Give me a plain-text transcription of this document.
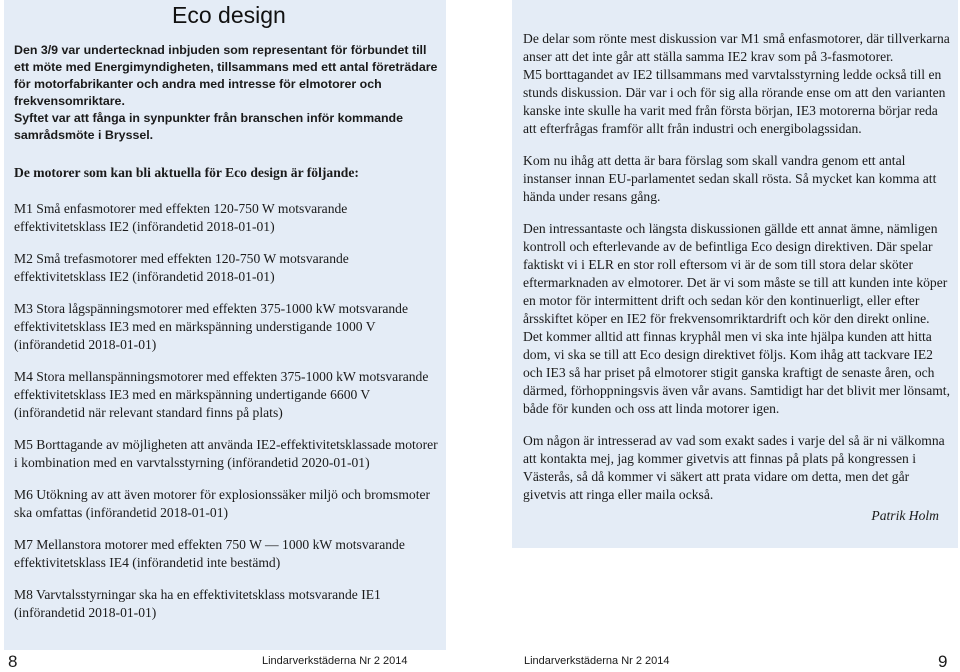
Eco design

Den 3/9 var undertecknad inbjuden som representant för förbundet till ett möte med Energimyndigheten, tillsammans med ett antal företrädare för motorfabrikanter och andra med intresse för elmotorer och frekvensomriktare.

Syftet var att fånga in synpunkter från branschen inför kommande samrådsmöte i Bryssel.

De motorer som kan bli aktuella för Eco design är följande:

M1 Små enfasmotorer med effekten 120-750 W motsvarande effektivitetsklass IE2 (införandetid 2018-01-01)

M2 Små trefasmotorer med effekten 120-750 W motsvarande effektivitetsklass IE2 (införandetid 2018-01-01)

M3 Stora lågspänningsmotorer med effekten 375-1000 kW motsvarande effektivitetsklass IE3 med en märkspänning understigande 1000 V (införandetid 2018-01-01)

M4 Stora mellanspänningsmotorer med effekten 375-1000 kW motsvarande effektivitetsklass IE3 med en märkspänning undertigande 6600 V (införandetid när relevant standard finns på plats)

M5 Borttagande av möjligheten att använda IE2-effektivitetsklassade motorer i kombination med en varvtalsstyrning (införandetid 2020-01-01)

M6 Utökning av att även motorer för explosionssäker miljö och bromsmoter ska omfattas (införandetid 2018-01-01)

M7 Mellanstora motorer med effekten 750 W — 1000 kW motsvarande effektivitetsklass IE4 (införandetid inte bestämd)

M8 Varvtalsstyrningar ska ha en effektivitetsklass motsvarande IE1 (införandetid 2018-01-01)

De delar som rönte mest diskussion var M1 små enfasmotorer, där tillverkarna anser att det inte går att ställa samma IE2 krav som på 3-fasmotorer.

M5 borttagandet av IE2 tillsammans med varvtalsstyrning ledde också till en stunds diskussion. Där var i och för sig alla rörande ense om att den varianten kanske inte skulle ha varit med från första början, IE3 motorerna börjar reda att efterfrågas framför allt från industri och energibolagssidan.

Kom nu ihåg att detta är bara förslag som skall vandra genom ett antal instanser innan EU-parlamentet sedan skall rösta. Så mycket kan komma att hända under resans gång.

Den intressantaste och längsta diskussionen gällde ett annat ämne, nämligen kontroll och efterlevande av de befintliga Eco design direktiven. Där spelar faktiskt vi i ELR en stor roll eftersom vi är de som till stora delar sköter eftermarknaden av elmotorer. Det är vi som måste se till att kunden inte köper en motor för intermittent drift och sedan kör den kontinuerligt, eller efter årsskiftet köper en IE2 för frekvensomriktardrift och kör den direkt online.

Det kommer alltid att finnas kryphål men vi ska inte hjälpa kunden att hitta dom, vi ska se till att Eco design direktivet följs. Kom ihåg att tackvare IE2 och IE3 så har priset på elmotorer stigit ganska kraftigt de senaste åren, och därmed, förhoppningsvis även vår avans. Samtidigt har det blivit mer lönsamt, både för kunden och oss att linda motorer igen.

Om någon är intresserad av vad som exakt sades i varje del så är ni välkomna att kontakta mej, jag kommer givetvis att finnas på plats på kongressen i Västerås, så då kommer vi säkert att prata vidare om detta, men det går givetvis att ringa eller maila också.

Patrik Holm

8	Lindarverkstäderna Nr 2 2014	Lindarverkstäderna Nr 2 2014	9
